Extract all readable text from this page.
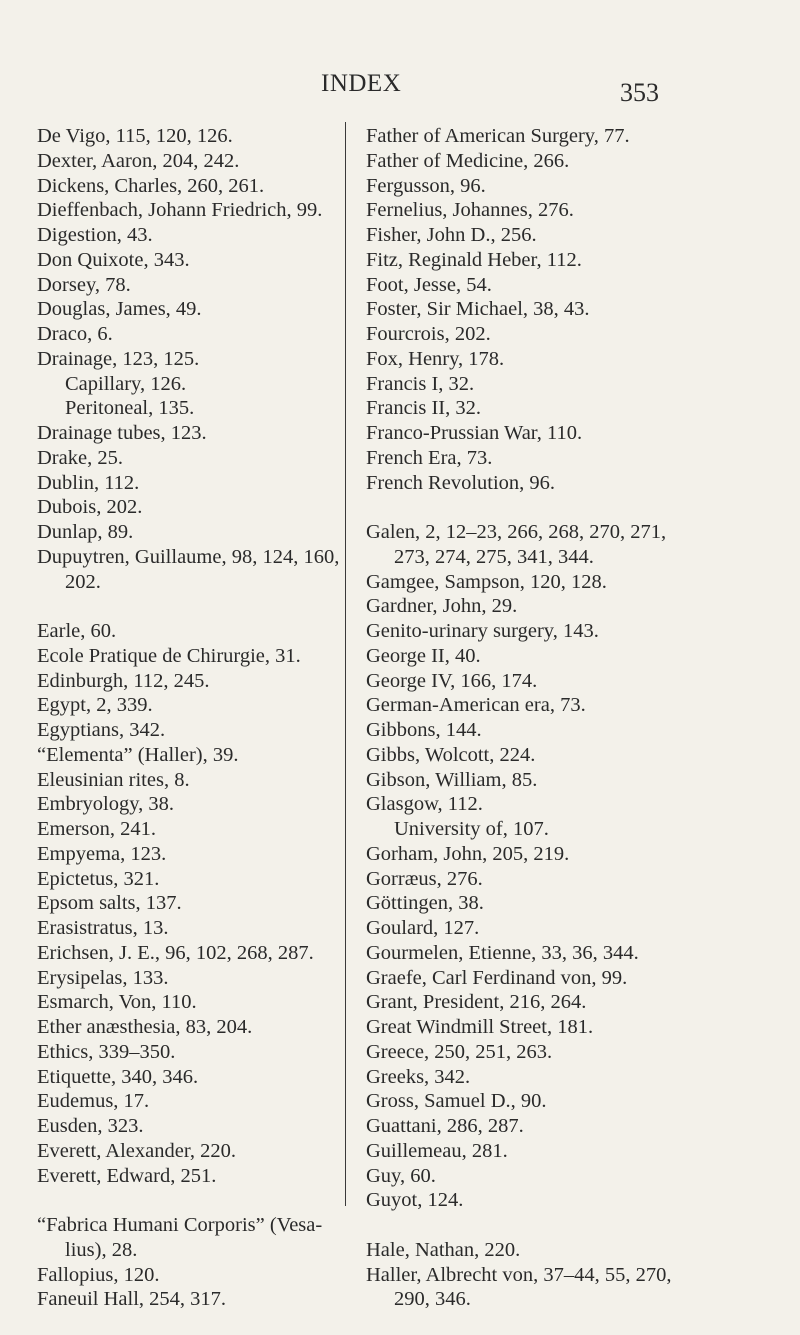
INDEX	353
De Vigo, 115, 120, 126.
Dexter, Aaron, 204, 242.
Dickens, Charles, 260, 261.
Dieffenbach, Johann Friedrich, 99.
Digestion, 43.
Don Quixote, 343.
Dorsey, 78.
Douglas, James, 49.
Draco, 6.
Drainage, 123, 125.
Capillary, 126.
Peritoneal, 135.
Drainage tubes, 123.
Drake, 25.
Dublin, 112.
Dubois, 202.
Dunlap, 89.
Dupuytren, Guillaume, 98, 124, 160,
202.
Earle, 60.
Ecole Pratique de Chirurgie, 31.
Edinburgh, 112, 245.
Egypt, 2, 339.
Egyptians, 342.
“Elementa” (Haller), 39.
Eleusinian rites, 8.
Embryology, 38.
Emerson, 241.
Empyema, 123.
Epictetus, 321.
Epsom salts, 137.
Erasistratus, 13.
Erichsen, J. E., 96, 102, 268, 287.
Erysipelas, 133.
Esmarch, Von, 110.
Ether anæsthesia, 83, 204.
Ethics, 339–350.
Etiquette, 340, 346.
Eudemus, 17.
Eusden, 323.
Everett, Alexander, 220.
Everett, Edward, 251.
“Fabrica Humani Corporis” (Vesa-
lius), 28.
Fallopius, 120.
Faneuil Hall, 254, 317.
Father of American Surgery, 77.
Father of Medicine, 266.
Fergusson, 96.
Fernelius, Johannes, 276.
Fisher, John D., 256.
Fitz, Reginald Heber, 112.
Foot, Jesse, 54.
Foster, Sir Michael, 38, 43.
Fourcrois, 202.
Fox, Henry, 178.
Francis I, 32.
Francis II, 32.
Franco-Prussian War, 110.
French Era, 73.
French Revolution, 96.
Galen, 2, 12–23, 266, 268, 270, 271,
273, 274, 275, 341, 344.
Gamgee, Sampson, 120, 128.
Gardner, John, 29.
Genito-urinary surgery, 143.
George II, 40.
George IV, 166, 174.
German-American era, 73.
Gibbons, 144.
Gibbs, Wolcott, 224.
Gibson, William, 85.
Glasgow, 112.
University of, 107.
Gorham, John, 205, 219.
Gorræus, 276.
Göttingen, 38.
Goulard, 127.
Gourmelen, Etienne, 33, 36, 344.
Graefe, Carl Ferdinand von, 99.
Grant, President, 216, 264.
Great Windmill Street, 181.
Greece, 250, 251, 263.
Greeks, 342.
Gross, Samuel D., 90.
Guattani, 286, 287.
Guillemeau, 281.
Guy, 60.
Guyot, 124.
Hale, Nathan, 220.
Haller, Albrecht von, 37–44, 55, 270,
290, 346.
